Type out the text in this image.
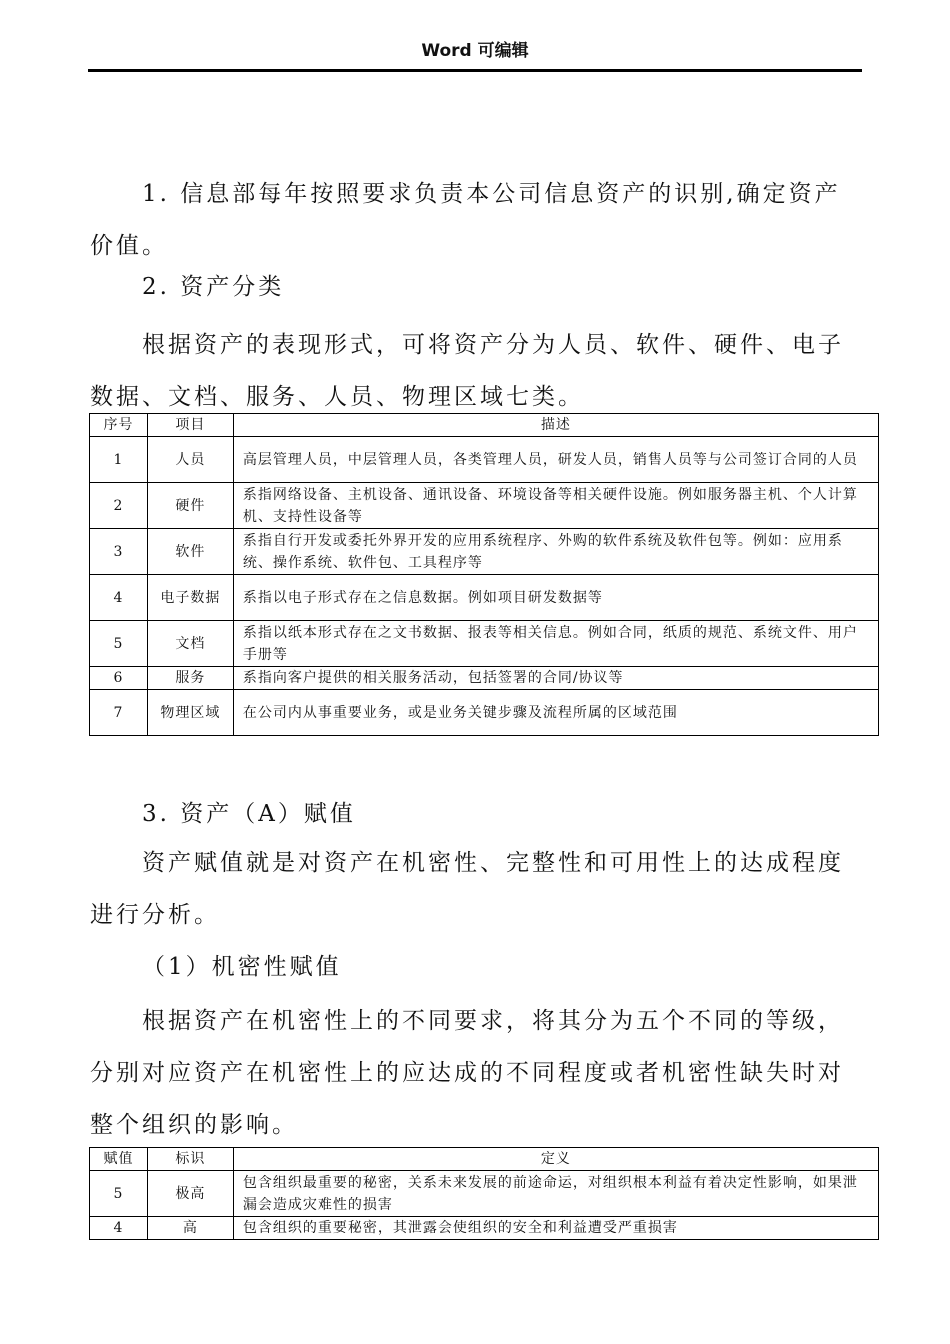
Word 可编辑

1. 信息部每年按照要求负责本公司信息资产的识别,确定资产价值。

2. 资产分类

根据资产的表现形式，可将资产分为人员、软件、硬件、电子数据、文档、服务、人员、物理区域七类。

序号	项目	描述
1	人员	高层管理人员，中层管理人员，各类管理人员，研发人员，销售人员等与公司签订合同的人员
2	硬件	系指网络设备、主机设备、通讯设备、环境设备等相关硬件设施。例如服务器主机、个人计算机、支持性设备等
3	软件	系指自行开发或委托外界开发的应用系统程序、外购的软件系统及软件包等。例如：应用系统、操作系统、软件包、工具程序等
4	电子数据	系指以电子形式存在之信息数据。例如项目研发数据等
5	文档	系指以纸本形式存在之文书数据、报表等相关信息。例如合同，纸质的规范、系统文件、用户手册等
6	服务	系指向客户提供的相关服务活动，包括签署的合同/协议等
7	物理区域	在公司内从事重要业务，或是业务关键步骤及流程所属的区域范围

3. 资产（A）赋值

资产赋值就是对资产在机密性、完整性和可用性上的达成程度进行分析。

（1）机密性赋值

根据资产在机密性上的不同要求，将其分为五个不同的等级，分别对应资产在机密性上的应达成的不同程度或者机密性缺失时对整个组织的影响。

赋值	标识	定义
5	极高	包含组织最重要的秘密，关系未来发展的前途命运，对组织根本利益有着决定性影响，如果泄漏会造成灾难性的损害
4	高	包含组织的重要秘密，其泄露会使组织的安全和利益遭受严重损害
